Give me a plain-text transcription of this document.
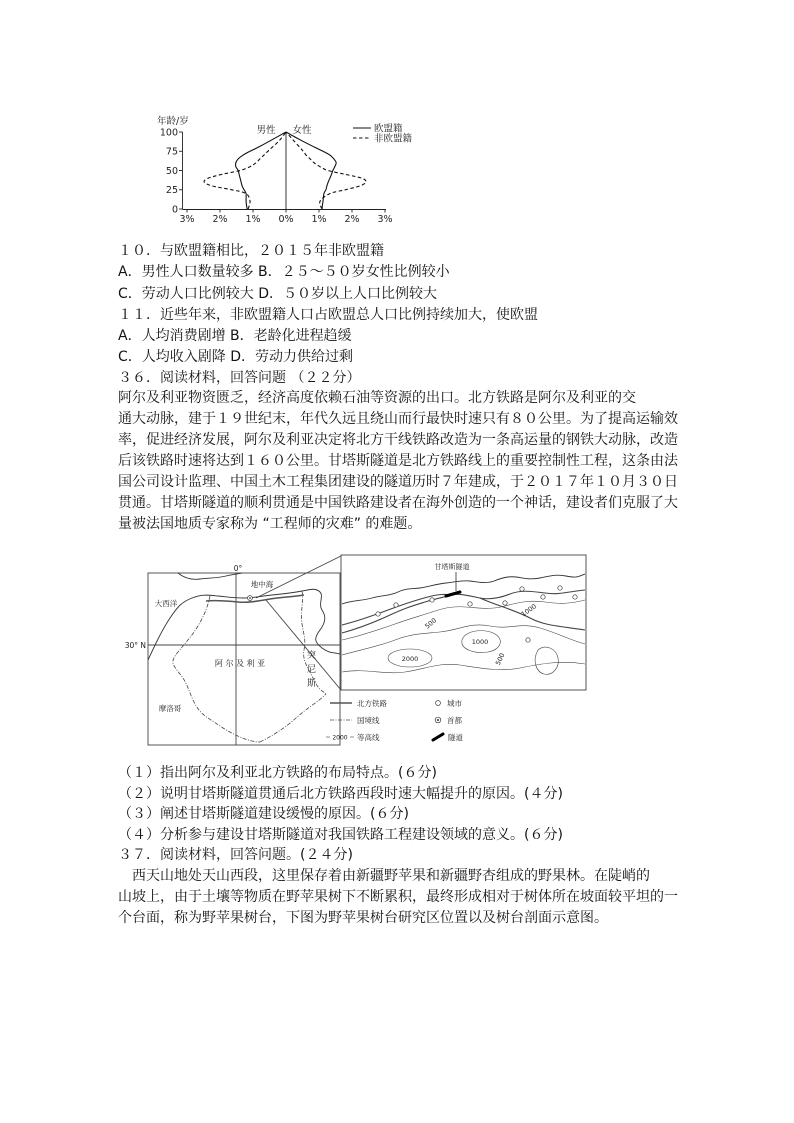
年龄/岁
100
75
50
25
0
3% 2% 1% 0% 1% 2% 3%
男性 女性	欧盟籍
非欧盟籍
１０．与欧盟籍相比，２０１５年非欧盟籍
A．男性人口数量较多 B．２５～５０岁女性比例较小
C．劳动人口比例较大 D．５０岁以上人口比例较大
１１．近些年来，非欧盟籍人口占欧盟总人口比例持续加大，使欧盟
A．人均消费剧增 B．老龄化进程趋缓
C．人均收入剧降 D．劳动力供给过剩
３６．阅读材料，回答问题 （２２分）
阿尔及利亚物资匮乏，经济高度依赖石油等资源的出口。北方铁路是阿尔及利亚的交
通大动脉，建于１９世纪末，年代久远且绕山而行最快时速只有８０公里。为了提高运输效
率，促进经济发展，阿尔及利亚决定将北方干线铁路改造为一条高运量的钢铁大动脉，改造
后该铁路时速将达到１６０公里。甘塔斯隧道是北方铁路线上的重要控制性工程，这条由法
国公司设计监理、中国土木工程集团建设的隧道历时７年建成，于２０１７年１０月３０日
贯通。甘塔斯隧道的顺利贯通是中国铁路建设者在海外创造的一个神话，建设者们克服了大
量被法国地质专家称为 “工程师的灾难” 的难题。
0°
30° N
地中海
大西洋
阿 尔 及 利 亚
摩洛哥
甘塔斯隧道
1000
500
1000
2000	500
北方铁路	城市
国境线	首都
2000 等高线	隧道
突尼斯
（１）指出阿尔及利亚北方铁路的布局特点。(６分)
（２）说明甘塔斯隧道贯通后北方铁路西段时速大幅提升的原因。(４分)
（３）阐述甘塔斯隧道建设缓慢的原因。(６分)
（４）分析参与建设甘塔斯隧道对我国铁路工程建设领域的意义。(６分)
３７．阅读材料，回答问题。(２４分)
西天山地处天山西段，这里保存着由新疆野苹果和新疆野杏组成的野果林。在陡峭的
山坡上，由于土壤等物质在野苹果树下不断累积，最终形成相对于树体所在坡面较平坦的一
个台面，称为野苹果树台，下图为野苹果树台研究区位置以及树台剖面示意图。
